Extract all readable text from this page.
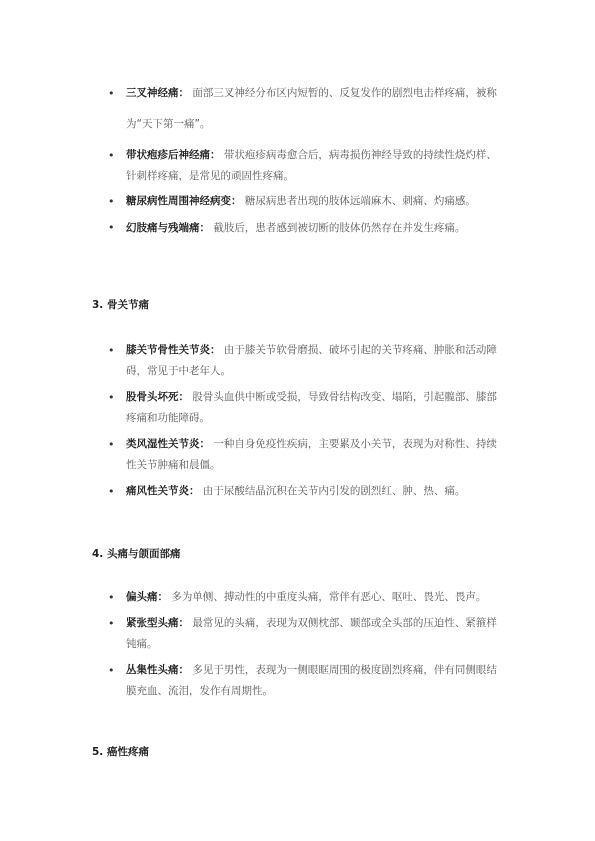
• 三叉神经痛： 面部三叉神经分布区内短暂的、反复发作的剧烈电击样疼痛，被称为“天下第一痛”。
• 带状疱疹后神经痛： 带状疱疹病毒愈合后，病毒损伤神经导致的持续性烧灼样、针刺样疼痛，是常见的顽固性疼痛。
• 糖尿病性周围神经病变： 糖尿病患者出现的肢体远端麻木、刺痛、灼痛感。
• 幻肢痛与残端痛： 截肢后，患者感到被切断的肢体仍然存在并发生疼痛。
3. 骨关节痛
• 膝关节骨性关节炎： 由于膝关节软骨磨损、破坏引起的关节疼痛、肿胀和活动障碍，常见于中老年人。
• 股骨头坏死： 股骨头血供中断或受损，导致骨结构改变、塌陷，引起髋部、膝部疼痛和功能障碍。
• 类风湿性关节炎： 一种自身免疫性疾病，主要累及小关节，表现为对称性、持续性关节肿痛和晨僵。
• 痛风性关节炎： 由于尿酸结晶沉积在关节内引发的剧烈红、肿、热、痛。
4. 头痛与颌面部痛
• 偏头痛： 多为单侧、搏动性的中重度头痛，常伴有恶心、呕吐、畏光、畏声。
• 紧张型头痛： 最常见的头痛，表现为双侧枕部、颞部或全头部的压迫性、紧箍样钝痛。
• 丛集性头痛： 多见于男性，表现为一侧眼眶周围的极度剧烈疼痛，伴有同侧眼结膜充血、流泪，发作有周期性。
5. 癌性疼痛
